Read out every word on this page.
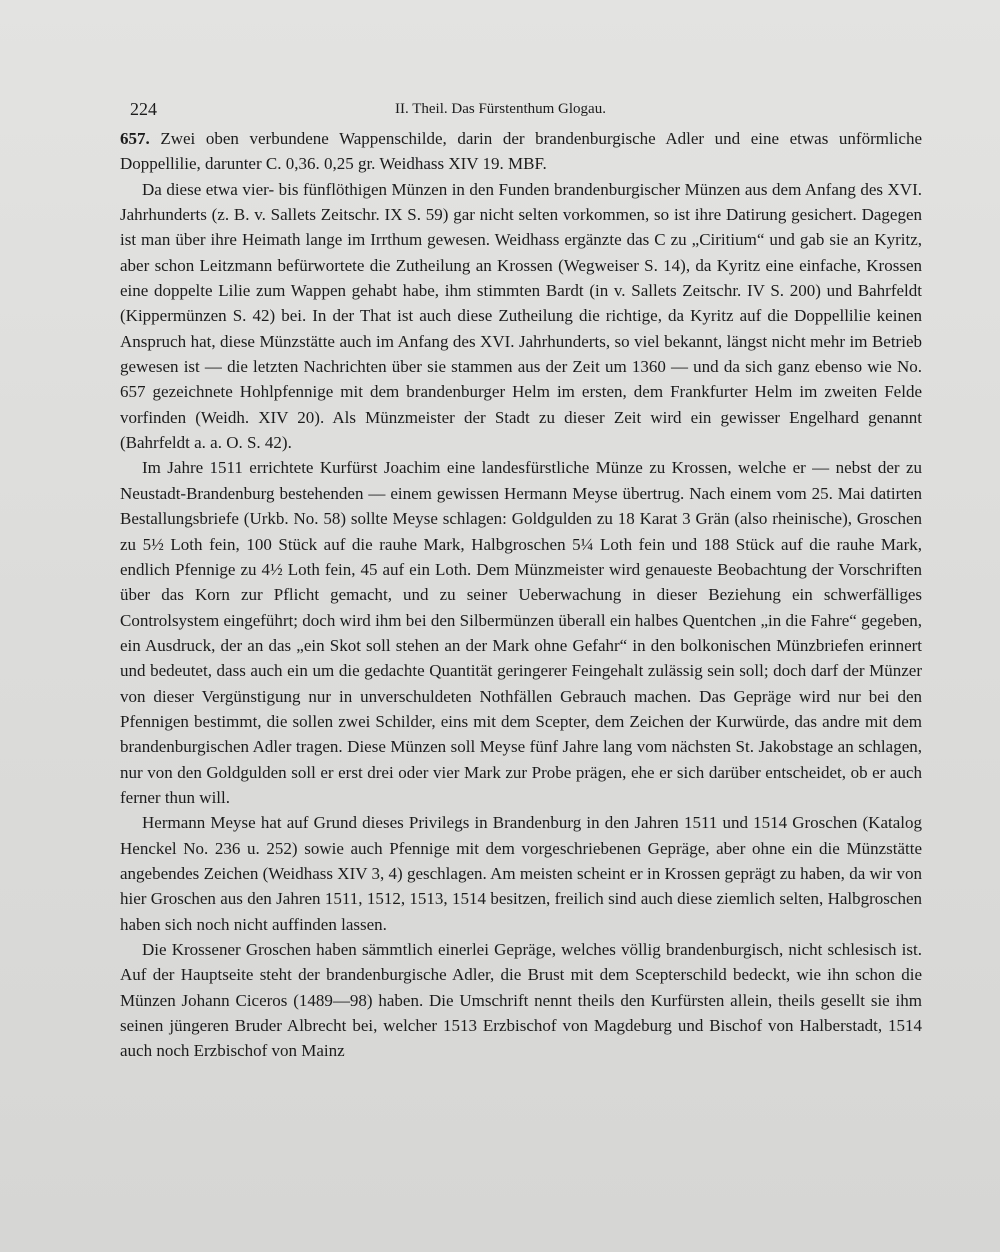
224	II. Theil. Das Fürstenthum Glogau.

657. Zwei oben verbundene Wappenschilde, darin der brandenburgische Adler und eine etwas unförmliche Doppellilie, darunter C. 0,36. 0,25 gr. Weidhass XIV 19. MBF.

Da diese etwa vier- bis fünflöthigen Münzen in den Funden brandenburgischer Münzen aus dem Anfang des XVI. Jahrhunderts (z. B. v. Sallets Zeitschr. IX S. 59) gar nicht selten vorkommen, so ist ihre Datirung gesichert. Dagegen ist man über ihre Heimath lange im Irrthum gewesen. Weidhass ergänzte das C zu „Ciritium“ und gab sie an Kyritz, aber schon Leitzmann befürwortete die Zutheilung an Krossen (Wegweiser S. 14), da Kyritz eine einfache, Krossen eine doppelte Lilie zum Wappen gehabt habe, ihm stimmten Bardt (in v. Sallets Zeitschr. IV S. 200) und Bahrfeldt (Kippermünzen S. 42) bei. In der That ist auch diese Zutheilung die richtige, da Kyritz auf die Doppellilie keinen Anspruch hat, diese Münzstätte auch im Anfang des XVI. Jahrhunderts, so viel bekannt, längst nicht mehr im Betrieb gewesen ist — die letzten Nachrichten über sie stammen aus der Zeit um 1360 — und da sich ganz ebenso wie No. 657 gezeichnete Hohlpfennige mit dem brandenburger Helm im ersten, dem Frankfurter Helm im zweiten Felde vorfinden (Weidh. XIV 20). Als Münzmeister der Stadt zu dieser Zeit wird ein gewisser Engelhard genannt (Bahrfeldt a. a. O. S. 42).

Im Jahre 1511 errichtete Kurfürst Joachim eine landesfürstliche Münze zu Krossen, welche er — nebst der zu Neustadt-Brandenburg bestehenden — einem gewissen Hermann Meyse übertrug. Nach einem vom 25. Mai datirten Bestallungsbriefe (Urkb. No. 58) sollte Meyse schlagen: Goldgulden zu 18 Karat 3 Grän (also rheinische), Groschen zu 5½ Loth fein, 100 Stück auf die rauhe Mark, Halbgroschen 5¼ Loth fein und 188 Stück auf die rauhe Mark, endlich Pfennige zu 4½ Loth fein, 45 auf ein Loth. Dem Münzmeister wird genaueste Beobachtung der Vorschriften über das Korn zur Pflicht gemacht, und zu seiner Ueberwachung in dieser Beziehung ein schwerfälliges Controlsystem eingeführt; doch wird ihm bei den Silbermünzen überall ein halbes Quentchen „in die Fahre“ gegeben, ein Ausdruck, der an das „ein Skot soll stehen an der Mark ohne Gefahr“ in den bolkonischen Münzbriefen erinnert und bedeutet, dass auch ein um die gedachte Quantität geringerer Feingehalt zulässig sein soll; doch darf der Münzer von dieser Vergünstigung nur in unverschuldeten Nothfällen Gebrauch machen. Das Gepräge wird nur bei den Pfennigen bestimmt, die sollen zwei Schilder, eins mit dem Scepter, dem Zeichen der Kurwürde, das andre mit dem brandenburgischen Adler tragen. Diese Münzen soll Meyse fünf Jahre lang vom nächsten St. Jakobstage an schlagen, nur von den Goldgulden soll er erst drei oder vier Mark zur Probe prägen, ehe er sich darüber entscheidet, ob er auch ferner thun will.

Hermann Meyse hat auf Grund dieses Privilegs in Brandenburg in den Jahren 1511 und 1514 Groschen (Katalog Henckel No. 236 u. 252) sowie auch Pfennige mit dem vorgeschriebenen Gepräge, aber ohne ein die Münzstätte angebendes Zeichen (Weidhass XIV 3, 4) geschlagen. Am meisten scheint er in Krossen geprägt zu haben, da wir von hier Groschen aus den Jahren 1511, 1512, 1513, 1514 besitzen, freilich sind auch diese ziemlich selten, Halbgroschen haben sich noch nicht auffinden lassen.

Die Krossener Groschen haben sämmtlich einerlei Gepräge, welches völlig brandenburgisch, nicht schlesisch ist. Auf der Hauptseite steht der brandenburgische Adler, die Brust mit dem Scepterschild bedeckt, wie ihn schon die Münzen Johann Ciceros (1489—98) haben. Die Umschrift nennt theils den Kurfürsten allein, theils gesellt sie ihm seinen jüngeren Bruder Albrecht bei, welcher 1513 Erzbischof von Magdeburg und Bischof von Halberstadt, 1514 auch noch Erzbischof von Mainz
